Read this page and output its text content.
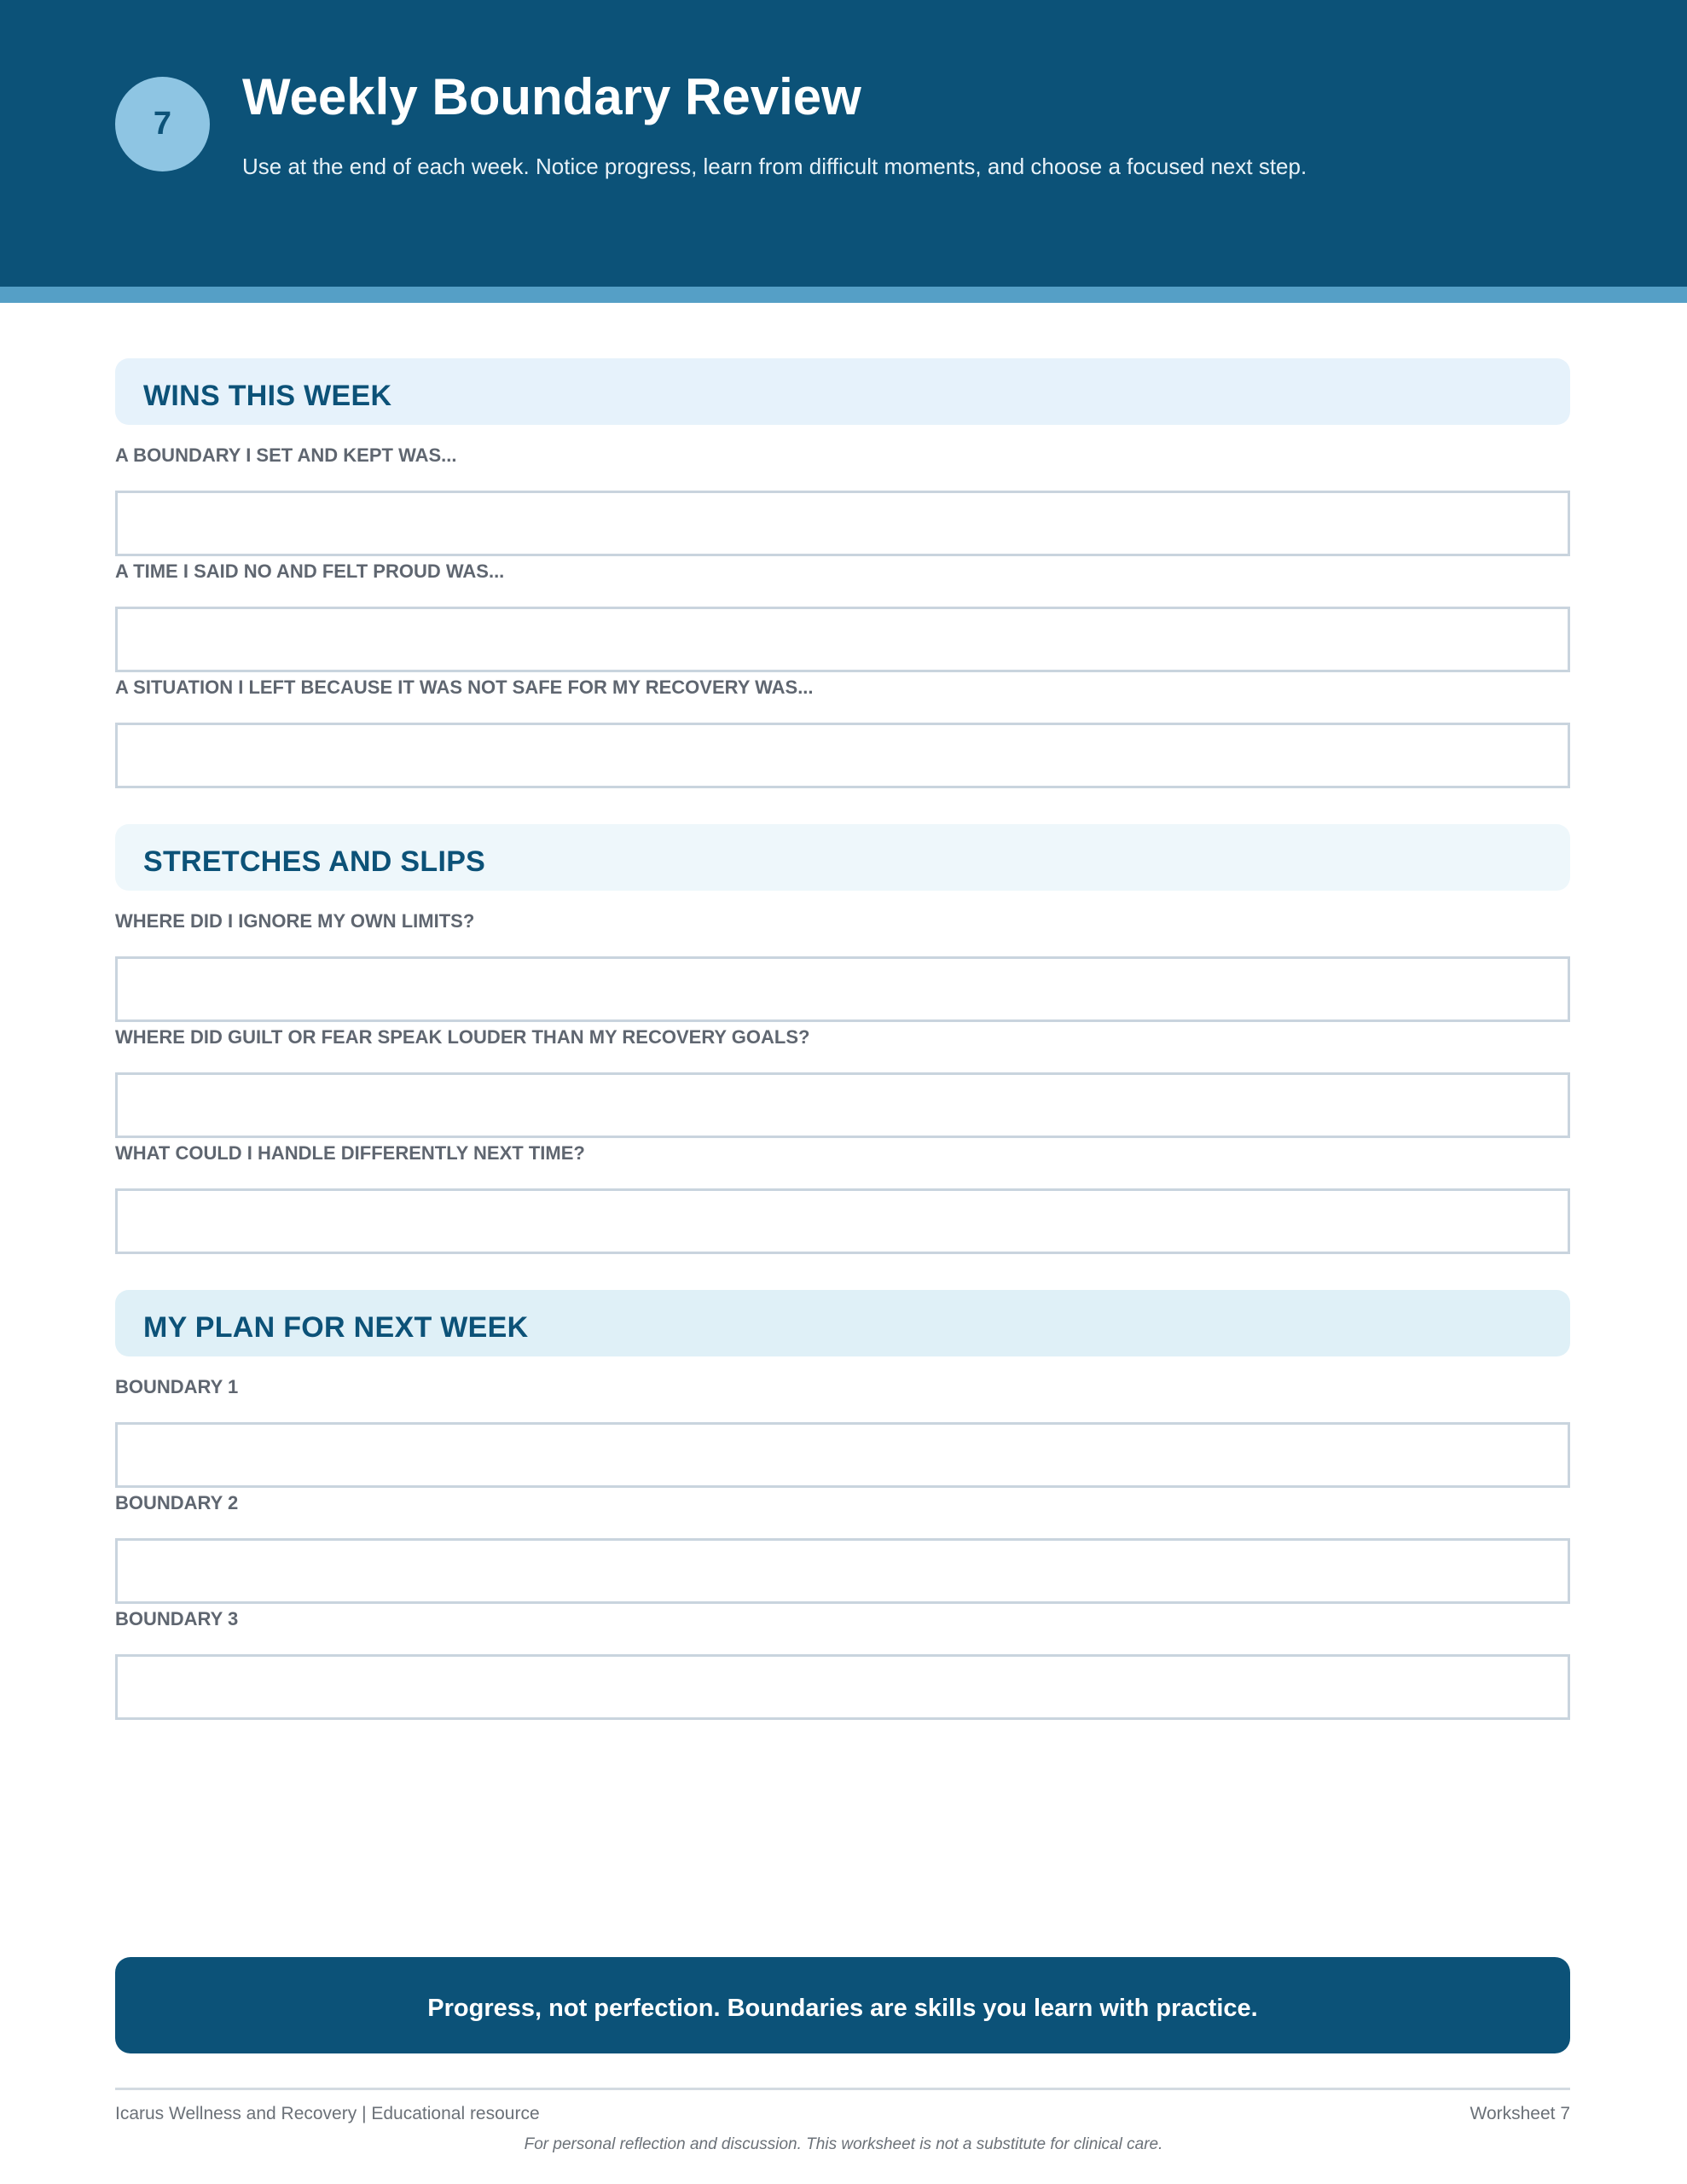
7 Weekly Boundary Review

Use at the end of each week. Notice progress, learn from difficult moments, and choose a focused next step.

WINS THIS WEEK

A BOUNDARY I SET AND KEPT WAS...

A TIME I SAID NO AND FELT PROUD WAS...

A SITUATION I LEFT BECAUSE IT WAS NOT SAFE FOR MY RECOVERY WAS...

STRETCHES AND SLIPS

WHERE DID I IGNORE MY OWN LIMITS?

WHERE DID GUILT OR FEAR SPEAK LOUDER THAN MY RECOVERY GOALS?

WHAT COULD I HANDLE DIFFERENTLY NEXT TIME?

MY PLAN FOR NEXT WEEK

BOUNDARY 1

BOUNDARY 2

BOUNDARY 3

Progress, not perfection. Boundaries are skills you learn with practice.
Icarus Wellness and Recovery | Educational resource	Worksheet 7
For personal reflection and discussion. This worksheet is not a substitute for clinical care.
